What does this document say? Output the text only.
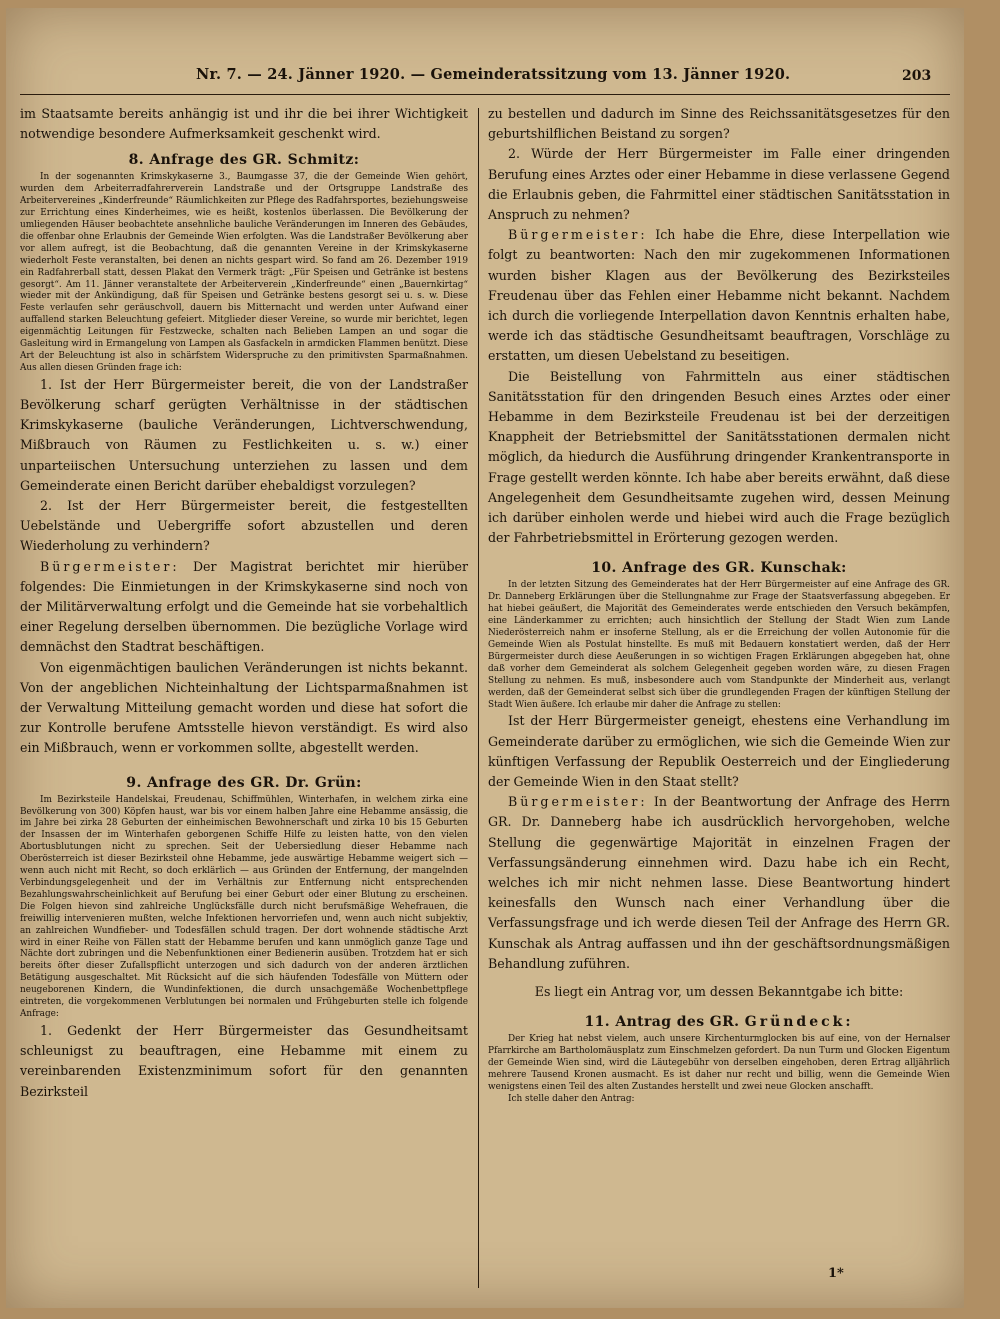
Nr. 7. — 24. Jänner 1920. — Gemeinderatssitzung vom 13. Jänner 1920.	203

im Staatsamte bereits anhängig ist und ihr die bei ihrer Wichtigkeit notwendige besondere Aufmerksamkeit geschenkt wird.

8. Anfrage des GR. Schmitz:

In der sogenannten Krimskykaserne 3., Baumgasse 37, die der Gemeinde Wien gehört, wurden dem Arbeiterradfahrerverein Landstraße und der Ortsgruppe Landstraße des Arbeitervereines „Kinderfreunde“ Räumlichkeiten zur Pflege des Radfahrsportes, beziehungsweise zur Errichtung eines Kinderheimes, wie es heißt, kostenlos überlassen. Die Bevölkerung der umliegenden Häuser beobachtete ansehnliche bauliche Veränderungen im Inneren des Gebäudes, die offenbar ohne Erlaubnis der Gemeinde Wien erfolgten. Was die Landstraßer Bevölkerung aber vor allem aufregt, ist die Beobachtung, daß die genannten Vereine in der Krimskykaserne wiederholt Feste veranstalten, bei denen an nichts gespart wird. So fand am 26. Dezember 1919 ein Radfahrerball statt, dessen Plakat den Vermerk trägt: „Für Speisen und Getränke ist bestens gesorgt“. Am 11. Jänner veranstaltete der Arbeiterverein „Kinderfreunde“ einen „Bauernkirtag“ wieder mit der Ankündigung, daß für Speisen und Getränke bestens gesorgt sei u. s. w. Diese Feste verlaufen sehr geräuschvoll, dauern bis Mitternacht und werden unter Aufwand einer auffallend starken Beleuchtung gefeiert. Mitglieder dieser Vereine, so wurde mir berichtet, legen eigenmächtig Leitungen für Festzwecke, schalten nach Belieben Lampen an und sogar die Gasleitung wird in Ermangelung von Lampen als Gasfackeln in armdicken Flammen benützt. Diese Art der Beleuchtung ist also in schärfstem Widerspruche zu den primitivsten Sparmaßnahmen. Aus allen diesen Gründen frage ich:

1. Ist der Herr Bürgermeister bereit, die von der Landstraßer Bevölkerung scharf gerügten Verhältnisse in der städtischen Krimskykaserne (bauliche Veränderungen, Lichtverschwendung, Mißbrauch von Räumen zu Festlichkeiten u. s. w.) einer unparteiischen Untersuchung unterziehen zu lassen und dem Gemeinderate einen Bericht darüber ehebaldigst vorzulegen?

2. Ist der Herr Bürgermeister bereit, die festgestellten Uebelstände und Uebergriffe sofort abzustellen und deren Wiederholung zu verhindern?

Bürgermeister: Der Magistrat berichtet mir hierüber folgendes: Die Einmietungen in der Krimskykaserne sind noch von der Militärverwaltung erfolgt und die Gemeinde hat sie vorbehaltlich einer Regelung derselben übernommen. Die bezügliche Vorlage wird demnächst den Stadtrat beschäftigen.

Von eigenmächtigen baulichen Veränderungen ist nichts bekannt. Von der angeblichen Nichteinhaltung der Lichtsparmaßnahmen ist der Verwaltung Mitteilung gemacht worden und diese hat sofort die zur Kontrolle berufene Amtsstelle hievon verständigt. Es wird also ein Mißbrauch, wenn er vorkommen sollte, abgestellt werden.

9. Anfrage des GR. Dr. Grün:

Im Bezirksteile Handelskai, Freudenau, Schiffmühlen, Winterhafen, in welchem zirka eine Bevölkerung von 300) Köpfen haust, war bis vor einem halben Jahre eine Hebamme ansässig, die im Jahre bei zirka 28 Geburten der einheimischen Bewohnerschaft und zirka 10 bis 15 Geburten der Insassen der im Winterhafen geborgenen Schiffe Hilfe zu leisten hatte, von den vielen Abortusblutungen nicht zu sprechen. Seit der Uebersiedlung dieser Hebamme nach Oberösterreich ist dieser Bezirksteil ohne Hebamme, jede auswärtige Hebamme weigert sich — wenn auch nicht mit Recht, so doch erklärlich — aus Gründen der Entfernung, der mangelnden Verbindungsgelegenheit und der im Verhältnis zur Entfernung nicht entsprechenden Bezahlungswahrscheinlichkeit auf Berufung bei einer Geburt oder einer Blutung zu erscheinen. Die Folgen hievon sind zahlreiche Unglücksfälle durch nicht berufsmäßige Wehefrauen, die freiwillig intervenieren mußten, welche Infektionen hervorriefen und, wenn auch nicht subjektiv, an zahlreichen Wundfieber- und Todesfällen schuld tragen. Der dort wohnende städtische Arzt wird in einer Reihe von Fällen statt der Hebamme berufen und kann unmöglich ganze Tage und Nächte dort zubringen und die Nebenfunktionen einer Bedienerin ausüben. Trotzdem hat er sich bereits öfter dieser Zufallspflicht unterzogen und sich dadurch von der anderen ärztlichen Betätigung ausgeschaltet. Mit Rücksicht auf die sich häufenden Todesfälle von Müttern oder neugeborenen Kindern, die Wundinfektionen, die durch unsachgemäße Wochenbettpflege eintreten, die vorgekommenen Verblutungen bei normalen und Frühgeburten stelle ich folgende Anfrage:

1. Gedenkt der Herr Bürgermeister das Gesundheitsamt schleunigst zu beauftragen, eine Hebamme mit einem zu vereinbarenden Existenzminimum sofort für den genannten Bezirksteil

zu bestellen und dadurch im Sinne des Reichssanitätsgesetzes für den geburtshilflichen Beistand zu sorgen?

2. Würde der Herr Bürgermeister im Falle einer dringenden Berufung eines Arztes oder einer Hebamme in diese verlassene Gegend die Erlaubnis geben, die Fahrmittel einer städtischen Sanitätsstation in Anspruch zu nehmen?

Bürgermeister: Ich habe die Ehre, diese Interpellation wie folgt zu beantworten: Nach den mir zugekommenen Informationen wurden bisher Klagen aus der Bevölkerung des Bezirksteiles Freudenau über das Fehlen einer Hebamme nicht bekannt. Nachdem ich durch die vorliegende Interpellation davon Kenntnis erhalten habe, werde ich das städtische Gesundheitsamt beauftragen, Vorschläge zu erstatten, um diesen Uebelstand zu beseitigen.

Die Beistellung von Fahrmitteln aus einer städtischen Sanitätsstation für den dringenden Besuch eines Arztes oder einer Hebamme in dem Bezirksteile Freudenau ist bei der derzeitigen Knappheit der Betriebsmittel der Sanitätsstationen dermalen nicht möglich, da hiedurch die Ausführung dringender Krankentransporte in Frage gestellt werden könnte. Ich habe aber bereits erwähnt, daß diese Angelegenheit dem Gesundheitsamte zugehen wird, dessen Meinung ich darüber einholen werde und hiebei wird auch die Frage bezüglich der Fahrbetriebsmittel in Erörterung gezogen werden.

10. Anfrage des GR. Kunschak:

In der letzten Sitzung des Gemeinderates hat der Herr Bürgermeister auf eine Anfrage des GR. Dr. Danneberg Erklärungen über die Stellungnahme zur Frage der Staatsverfassung abgegeben. Er hat hiebei geäußert, die Majorität des Gemeinderates werde entschieden den Versuch bekämpfen, eine Länderkammer zu errichten; auch hinsichtlich der Stellung der Stadt Wien zum Lande Niederösterreich nahm er insoferne Stellung, als er die Erreichung der vollen Autonomie für die Gemeinde Wien als Postulat hinstellte. Es muß mit Bedauern konstatiert werden, daß der Herr Bürgermeister durch diese Aeußerungen in so wichtigen Fragen Erklärungen abgegeben hat, ohne daß vorher dem Gemeinderat als solchem Gelegenheit gegeben worden wäre, zu diesen Fragen Stellung zu nehmen. Es muß, insbesondere auch vom Standpunkte der Minderheit aus, verlangt werden, daß der Gemeinderat selbst sich über die grundlegenden Fragen der künftigen Stellung der Stadt Wien äußere. Ich erlaube mir daher die Anfrage zu stellen:

Ist der Herr Bürgermeister geneigt, ehestens eine Verhandlung im Gemeinderate darüber zu ermöglichen, wie sich die Gemeinde Wien zur künftigen Verfassung der Republik Oesterreich und der Eingliederung der Gemeinde Wien in den Staat stellt?

Bürgermeister: In der Beantwortung der Anfrage des Herrn GR. Dr. Danneberg habe ich ausdrücklich hervorgehoben, welche Stellung die gegenwärtige Majorität in einzelnen Fragen der Verfassungsänderung einnehmen wird. Dazu habe ich ein Recht, welches ich mir nicht nehmen lasse. Diese Beantwortung hindert keinesfalls den Wunsch nach einer Verhandlung über die Verfassungsfrage und ich werde diesen Teil der Anfrage des Herrn GR. Kunschak als Antrag auffassen und ihn der geschäftsordnungsmäßigen Behandlung zuführen.

Es liegt ein Antrag vor, um dessen Bekanntgabe ich bitte:

11. Antrag des GR. Gründeck:

Der Krieg hat nebst vielem, auch unsere Kirchenturmglocken bis auf eine, von der Hernalser Pfarrkirche am Bartholomäusplatz zum Einschmelzen gefordert. Da nun Turm und Glocken Eigentum der Gemeinde Wien sind, wird die Läutegebühr von derselben eingehoben, deren Ertrag alljährlich mehrere Tausend Kronen ausmacht. Es ist daher nur recht und billig, wenn die Gemeinde Wien wenigstens einen Teil des alten Zustandes herstellt und zwei neue Glocken anschafft.

Ich stelle daher den Antrag:

1*
